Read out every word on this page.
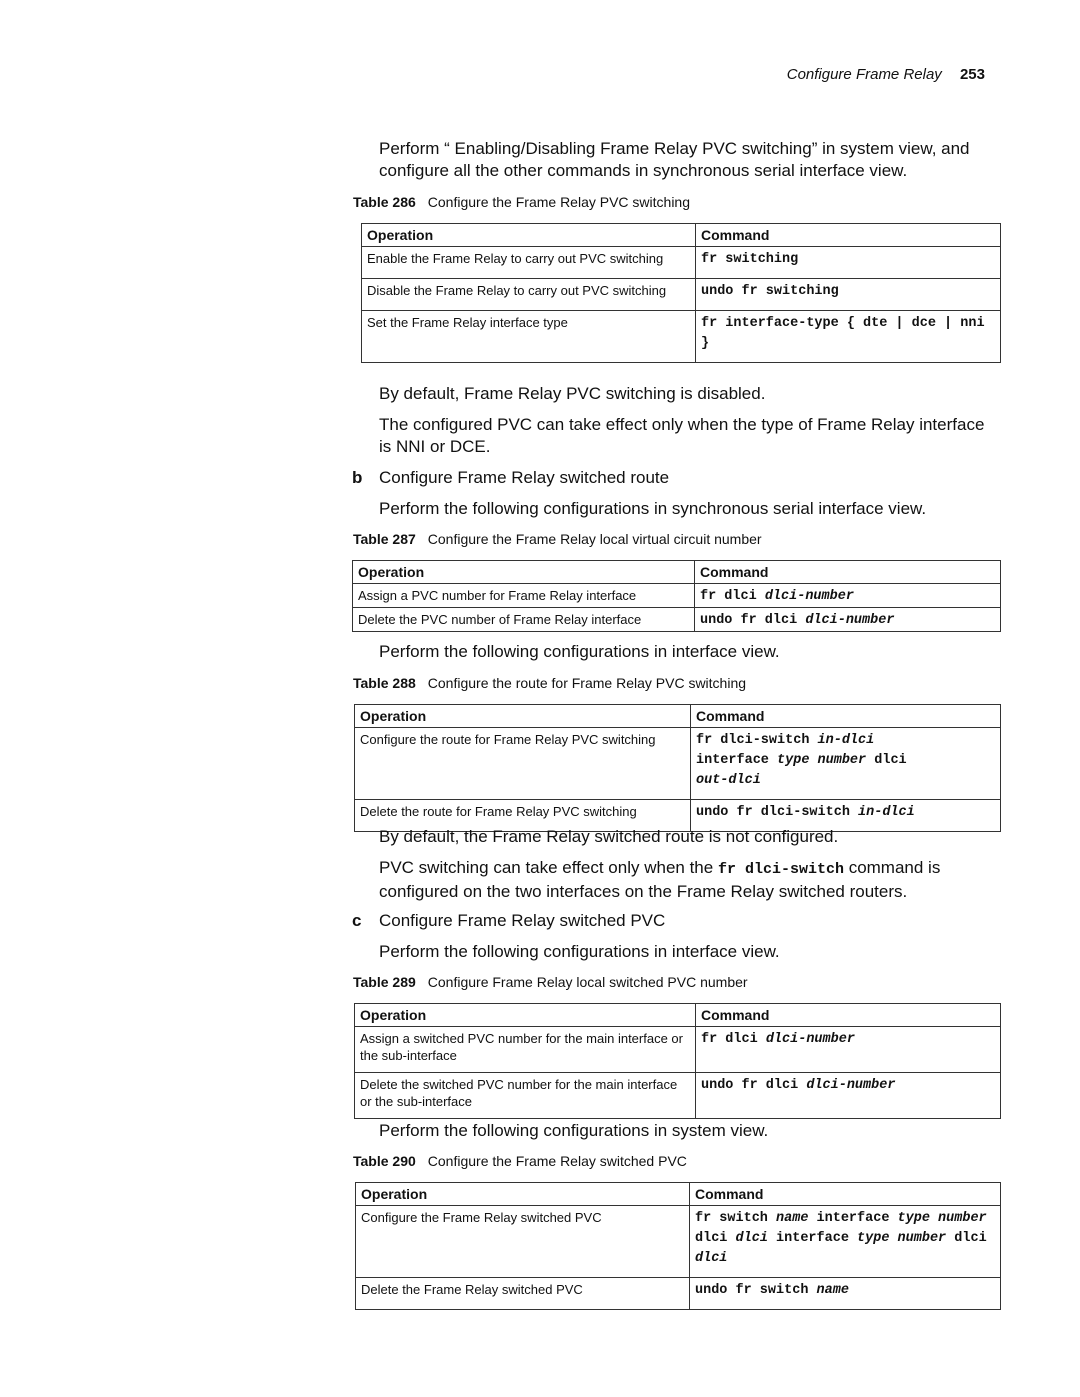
Configure Frame Relay 253
Perform “ Enabling/Disabling Frame Relay PVC switching” in system view, and configure all the other commands in synchronous serial interface view.
Table 286 Configure the Frame Relay PVC switching
Operation	Command
Enable the Frame Relay to carry out PVC switching	fr switching
Disable the Frame Relay to carry out PVC switching	undo fr switching
Set the Frame Relay interface type	fr interface-type { dte | dce | nni }
By default, Frame Relay PVC switching is disabled.
The configured PVC can take effect only when the type of Frame Relay interface is NNI or DCE.
b Configure Frame Relay switched route
Perform the following configurations in synchronous serial interface view.
Table 287 Configure the Frame Relay local virtual circuit number
Operation	Command
Assign a PVC number for Frame Relay interface	fr dlci dlci-number
Delete the PVC number of Frame Relay interface	undo fr dlci dlci-number
Perform the following configurations in interface view.
Table 288 Configure the route for Frame Relay PVC switching
Operation	Command
Configure the route for Frame Relay PVC switching	fr dlci-switch in-dlci
interface type number dlci
out-dlci
Delete the route for Frame Relay PVC switching	undo fr dlci-switch in-dlci
By default, the Frame Relay switched route is not configured.
PVC switching can take effect only when the fr dlci-switch command is configured on the two interfaces on the Frame Relay switched routers.
c Configure Frame Relay switched PVC
Perform the following configurations in interface view.
Table 289 Configure Frame Relay local switched PVC number
Operation	Command
Assign a switched PVC number for the main interface or the sub-interface	fr dlci dlci-number
Delete the switched PVC number for the main interface or the sub-interface	undo fr dlci dlci-number
Perform the following configurations in system view.
Table 290 Configure the Frame Relay switched PVC
Operation	Command
Configure the Frame Relay switched PVC	fr switch name interface type number dlci dlci interface type number dlci dlci
Delete the Frame Relay switched PVC	undo fr switch name
